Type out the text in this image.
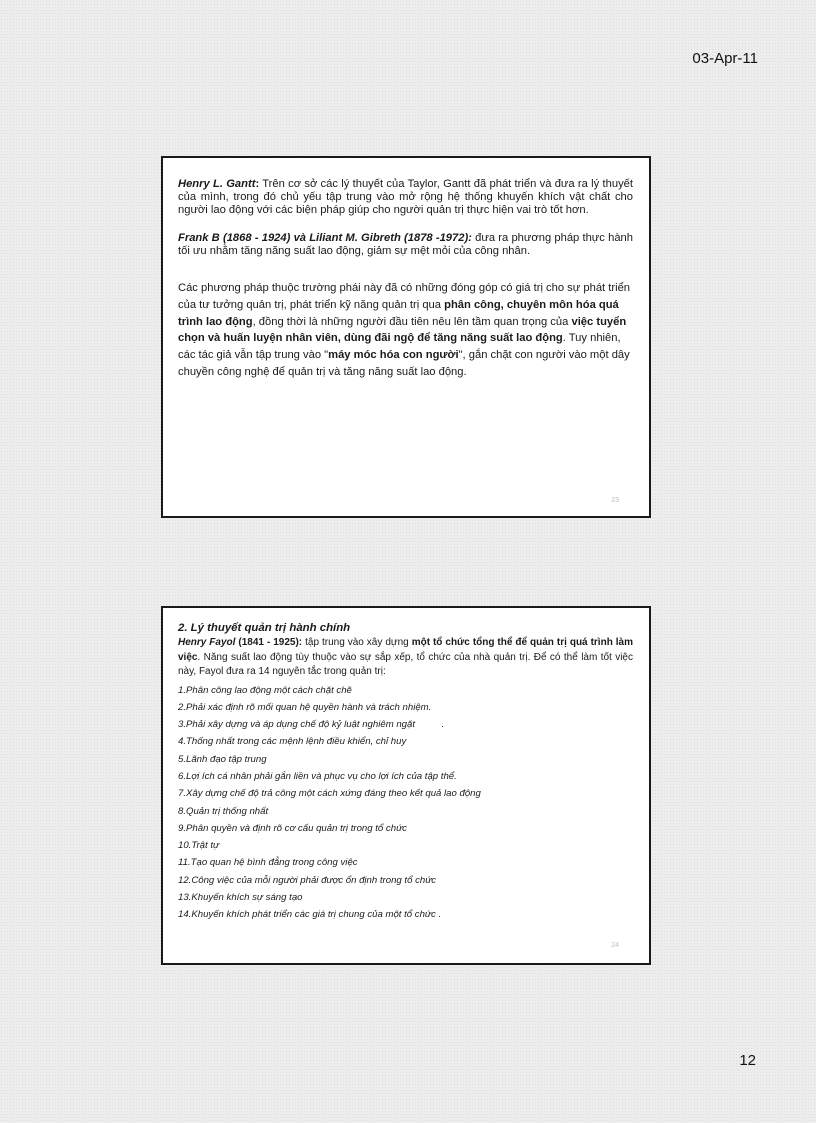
03-Apr-11

Henry L. Gantt: Trên cơ sở các lý thuyết của Taylor, Gantt đã phát triển và đưa ra lý thuyết của mình, trong đó chủ yếu tập trung vào mở rộng hệ thống khuyến khích vật chất cho người lao động với các biện pháp giúp cho người quản trị thực hiện vai trò tốt hơn.

Frank B (1868 - 1924) và Liliant M. Gibreth (1878 -1972): đưa ra phương pháp thực hành tối ưu nhằm tăng năng suất lao động, giảm sự mệt mỏi của công nhân.

Các phương pháp thuộc trường phái này đã có những đóng góp có giá trị cho sự phát triển của tư tưởng quản trị, phát triển kỹ năng quản trị qua phân công, chuyên môn hóa quá trình lao động, đồng thời là những người đầu tiên nêu lên tầm quan trọng của việc tuyển chọn và huấn luyện nhân viên, dùng đãi ngộ để tăng năng suất lao động. Tuy nhiên, các tác giả vẫn tập trung vào "máy móc hóa con người", gắn chặt con người vào một dây chuyền công nghệ để quản trị và tăng năng suất lao động.

23
2. Lý thuyết quản trị hành chính

Henry Fayol (1841 - 1925): tập trung vào xây dựng một tổ chức tổng thể để quản trị quá trình làm việc. Năng suất lao động tùy thuộc vào sự sắp xếp, tổ chức của nhà quản trị. Để có thể làm tốt việc này, Fayol đưa ra 14 nguyên tắc trong quản trị:

1.Phân công lao động một cách chặt chẽ
2.Phải xác định rõ mối quan hệ quyền hành và trách nhiệm.
3.Phải xây dựng và áp dụng chế độ kỷ luật nghiêm ngặt          .
4.Thống nhất trong các mệnh lệnh điều khiển, chỉ huy
5.Lãnh đạo tập trung
6.Lợi ích cá nhân phải gắn liền và phục vụ cho lợi ích của tập thể.
7.Xây dựng chế độ trả công một cách xứng đáng theo kết quả lao động
8.Quản trị thống nhất
9.Phân quyền và định rõ cơ cấu quản trị trong tổ chức
10.Trật tự
11.Tạo quan hệ bình đẳng trong công việc
12.Công việc của mỗi người phải được ổn định trong tổ chức
13.Khuyến khích sự sáng tạo
14.Khuyến khích phát triển các giá trị chung của một tổ chức .
24
12
